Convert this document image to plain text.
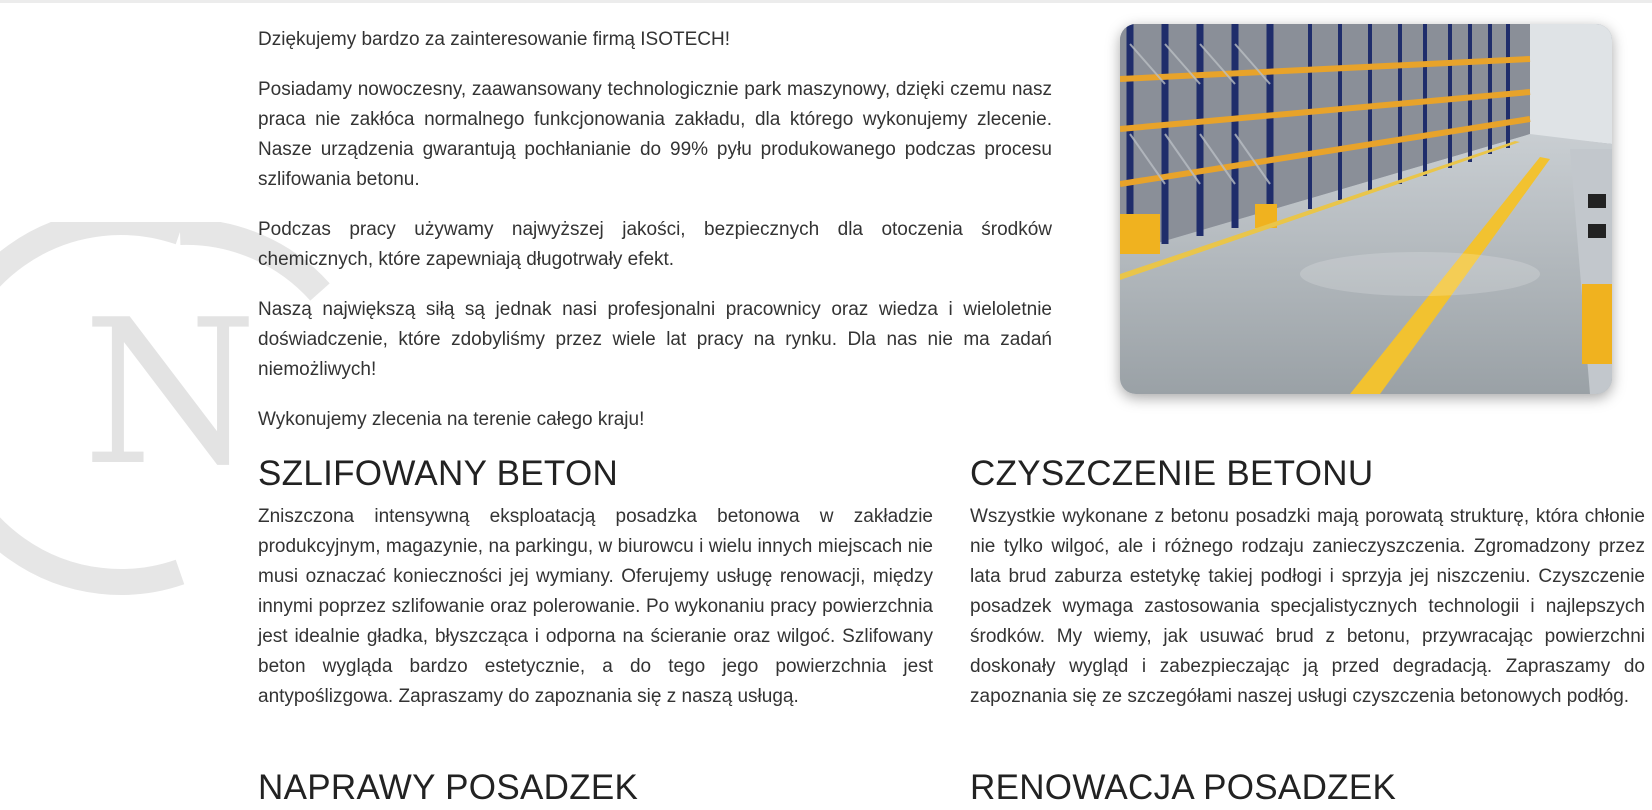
N

Dziękujemy bardzo za zainteresowanie firmą ISOTECH!

Posiadamy nowoczesny, zaawansowany technologicznie park maszynowy, dzięki czemu nasz praca nie zakłóca normalnego funkcjonowania zakładu, dla którego wykonujemy zlecenie. Nasze urządzenia gwarantują pochłanianie do 99% pyłu produkowanego podczas procesu szlifowania betonu.

Podczas pracy używamy najwyższej jakości, bezpiecznych dla otoczenia środków chemicznych, które zapewniają długotrwały efekt.

Naszą największą siłą są jednak nasi profesjonalni pracownicy oraz wiedza i wieloletnie doświadczenie, które zdobyliśmy przez wiele lat pracy na rynku. Dla nas nie ma zadań niemożliwych!

Wykonujemy zlecenia na terenie całego kraju!

SZLIFOWANY BETON

Zniszczona intensywną eksploatacją posadzka betonowa w zakładzie produkcyjnym, magazynie, na parkingu, w biurowcu i wielu innych miejscach nie musi oznaczać konieczności jej wymiany. Oferujemy usługę renowacji, między innymi poprzez szlifowanie oraz polerowanie. Po wykonaniu pracy powierzchnia jest idealnie gładka, błyszcząca i odporna na ścieranie oraz wilgoć. Szlifowany beton wygląda bardzo estetycznie, a do tego jego powierzchnia jest antypoślizgowa. Zapraszamy do zapoznania się z naszą usługą.

CZYSZCZENIE BETONU

Wszystkie wykonane z betonu posadzki mają porowatą strukturę, która chłonie nie tylko wilgoć, ale i różnego rodzaju zanieczyszczenia. Zgromadzony przez lata brud zaburza estetykę takiej podłogi i sprzyja jej niszczeniu. Czyszczenie posadzek wymaga zastosowania specjalistycznych technologii i najlepszych środków. My wiemy, jak usuwać brud z betonu, przywracając powierzchni doskonały wygląd i zabezpieczając ją przed degradacją. Zapraszamy do zapoznania się ze szczegółami naszej usługi czyszczenia betonowych podłóg.

NAPRAWY POSADZEK	RENOWACJA POSADZEK
